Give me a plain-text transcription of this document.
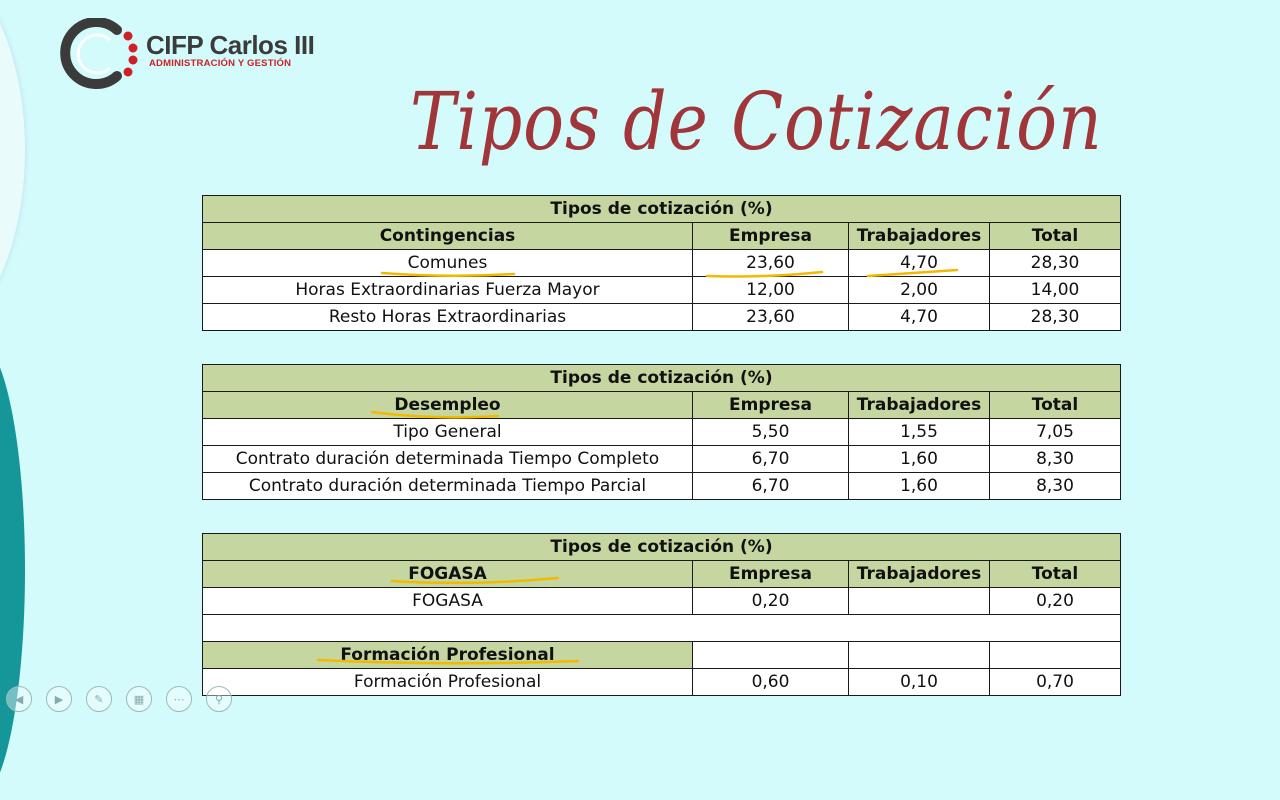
CIFP Carlos III
ADMINISTRACIÓN Y GESTIÓN
Tipos de Cotización
Tipos de cotización (%)			
Contingencias	Empresa	Trabajadores	Total
Comunes	23,60	4,70	28,30
Horas Extraordinarias Fuerza Mayor	12,00	2,00	14,00
Resto Horas Extraordinarias	23,60	4,70	28,30
Tipos de cotización (%)			
Desempleo	Empresa	Trabajadores	Total
Tipo General	5,50	1,55	7,05
Contrato duración determinada Tiempo Completo	6,70	1,60	8,30
Contrato duración determinada Tiempo Parcial	6,70	1,60	8,30
Tipos de cotización (%)			
FOGASA	Empresa	Trabajadores	Total
FOGASA	0,20		0,20

Formación Profesional			
Formación Profesional	0,60	0,10	0,70
◀	▶	✎	▦	⋯	⚲
